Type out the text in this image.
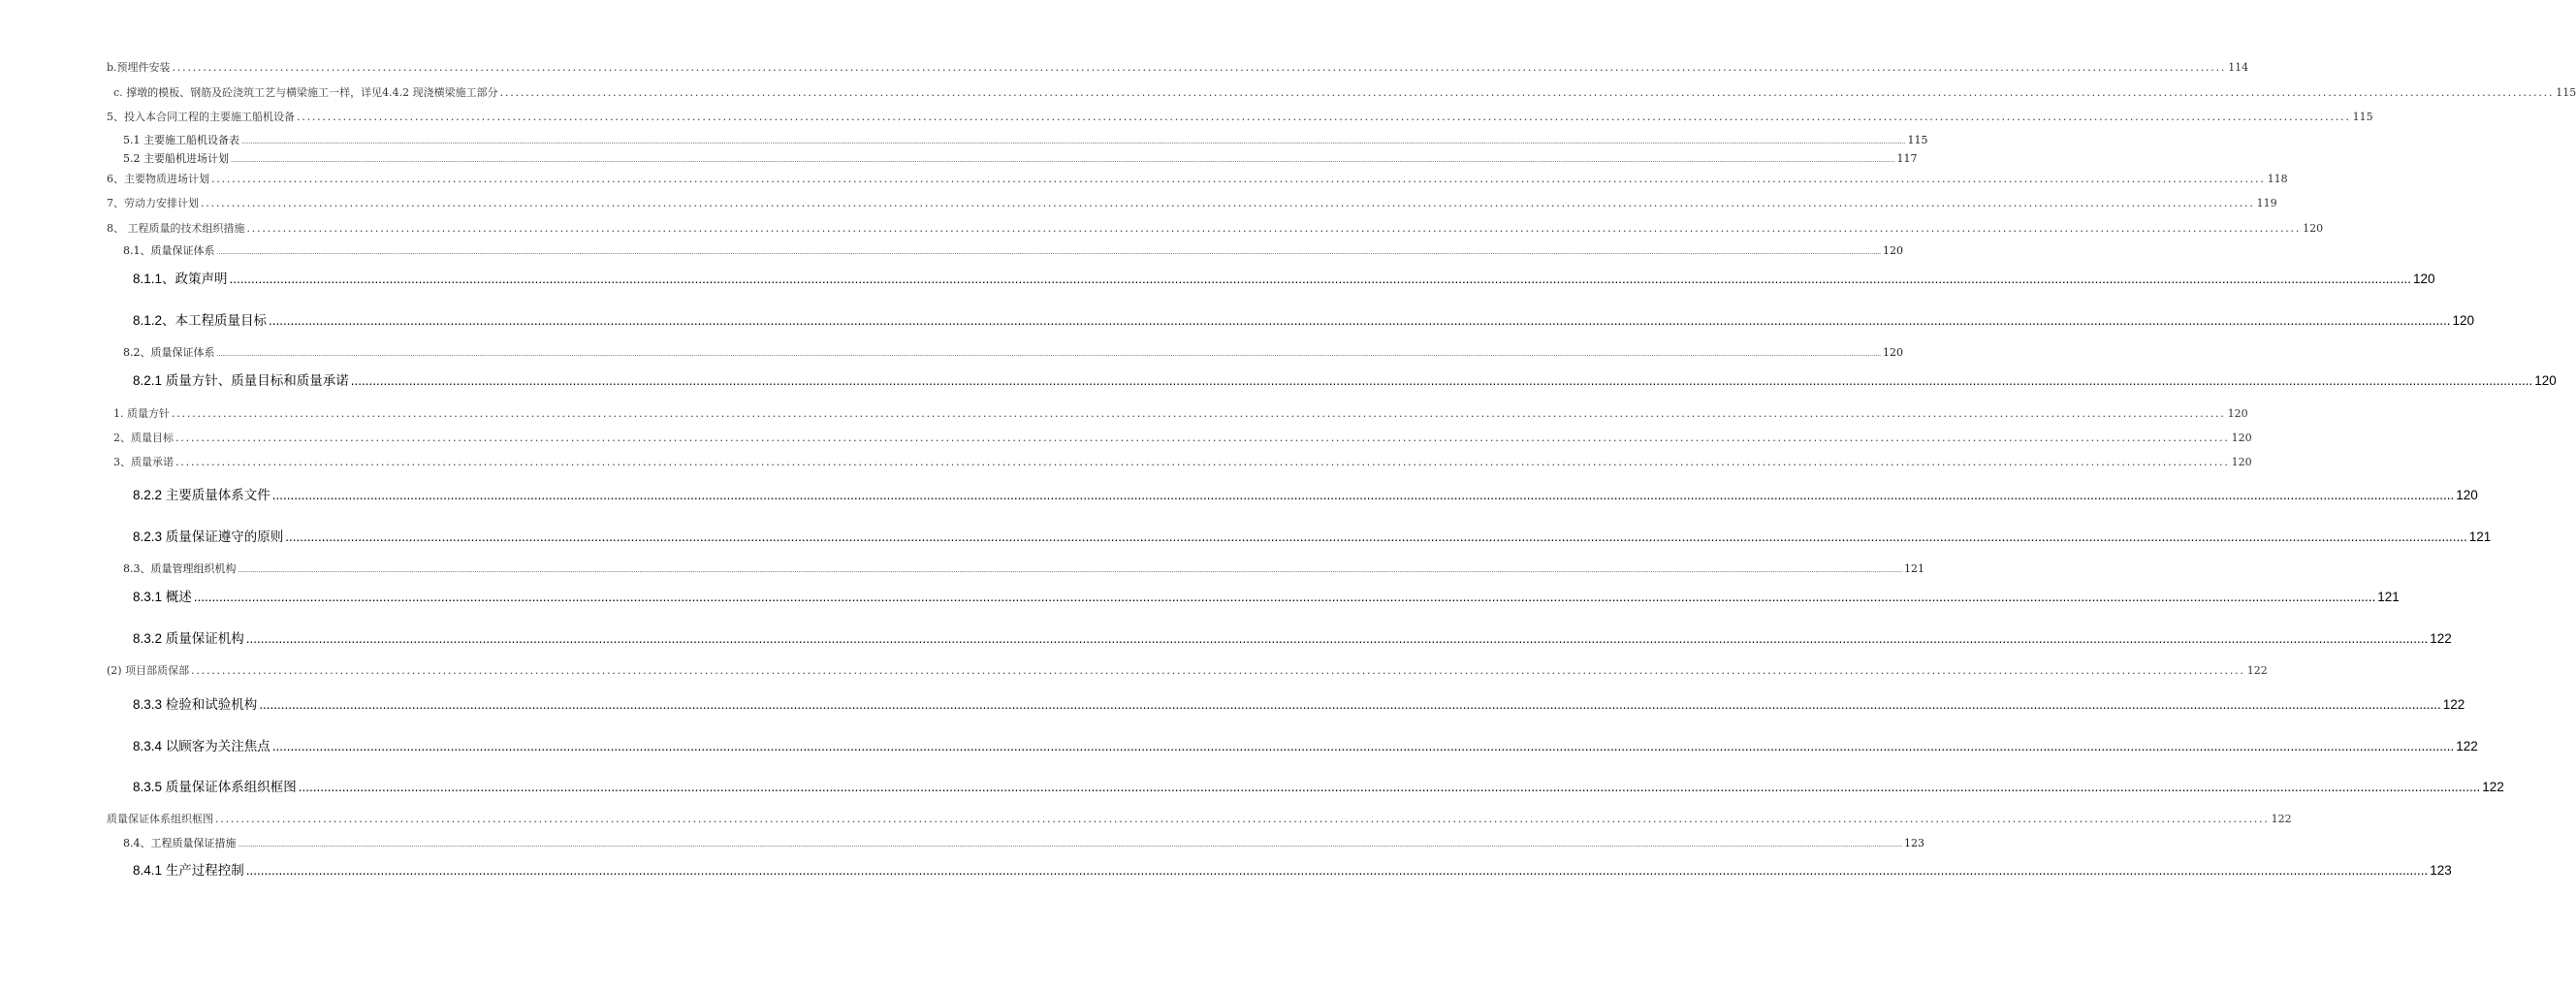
b.预埋件安装 ................................................................................................................................................................................................................................................................................................................................................................................................................ 114
c. 撑墩的模板、钢筋及砼浇筑工艺与横梁施工一样，详见4.4.2 现浇横梁施工部分 ................................................................................................................................................................................................................................................................................................................................................................................................................ 115
5、投入本合同工程的主要施工船机设备 ................................................................................................................................................................................................................................................................................................................................................................................................................ 115
5.1 主要施工船机设备表 .................................................................................................................................................................................................................................................................................................................................................................................................................................................................................................................................................................................................................................................................................................................................................................................................................................................................................................................................... 115
5.2 主要船机进场计划 .................................................................................................................................................................................................................................................................................................................................................................................................................................................................................................................................................................................................................................................................................................................................................................................................................................................................................................................................... 117
6、主要物质进场计划 ................................................................................................................................................................................................................................................................................................................................................................................................................ 118
7、劳动力安排计划 ................................................................................................................................................................................................................................................................................................................................................................................................................ 119
8、 工程质量的技术组织措施 ................................................................................................................................................................................................................................................................................................................................................................................................................ 120
8.1、质量保证体系 .................................................................................................................................................................................................................................................................................................................................................................................................................................................................................................................................................................................................................................................................................................................................................................................................................................................................................................................................... 120
8.1.1、政策声明 ........................................................................................................................................................................................................................................................................................................................................................................................................................................................................................................................................................................................................................ 120
8.1.2、本工程质量目标 ........................................................................................................................................................................................................................................................................................................................................................................................................................................................................................................................................................................................................................ 120
8.2、质量保证体系 .................................................................................................................................................................................................................................................................................................................................................................................................................................................................................................................................................................................................................................................................................................................................................................................................................................................................................................................................... 120
8.2.1 质量方针、质量目标和质量承诺 ........................................................................................................................................................................................................................................................................................................................................................................................................................................................................................................................................................................................................................ 120
1. 质量方针 ................................................................................................................................................................................................................................................................................................................................................................................................................ 120
2、质量目标 ................................................................................................................................................................................................................................................................................................................................................................................................................ 120
3、质量承诺 ................................................................................................................................................................................................................................................................................................................................................................................................................ 120
8.2.2 主要质量体系文件 ........................................................................................................................................................................................................................................................................................................................................................................................................................................................................................................................................................................................................................ 120
8.2.3 质量保证遵守的原则 ........................................................................................................................................................................................................................................................................................................................................................................................................................................................................................................................................................................................................................ 121
8.3、质量管理组织机构 .................................................................................................................................................................................................................................................................................................................................................................................................................................................................................................................................................................................................................................................................................................................................................................................................................................................................................................................................... 121
8.3.1 概述 ........................................................................................................................................................................................................................................................................................................................................................................................................................................................................................................................................................................................................................ 121
8.3.2 质量保证机构 ........................................................................................................................................................................................................................................................................................................................................................................................................................................................................................................................................................................................................................ 122
(2) 项目部质保部 ................................................................................................................................................................................................................................................................................................................................................................................................................ 122
8.3.3 检验和试验机构 ........................................................................................................................................................................................................................................................................................................................................................................................................................................................................................................................................................................................................................ 122
8.3.4 以顾客为关注焦点 ........................................................................................................................................................................................................................................................................................................................................................................................................................................................................................................................................................................................................................ 122
8.3.5 质量保证体系组织框图 ........................................................................................................................................................................................................................................................................................................................................................................................................................................................................................................................................................................................................................ 122
质量保证体系组织框图 ................................................................................................................................................................................................................................................................................................................................................................................................................ 122
8.4、工程质量保证措施 .................................................................................................................................................................................................................................................................................................................................................................................................................................................................................................................................................................................................................................................................................................................................................................................................................................................................................................................................... 123
8.4.1 生产过程控制 ........................................................................................................................................................................................................................................................................................................................................................................................................................................................................................................................................................................................................................ 123
